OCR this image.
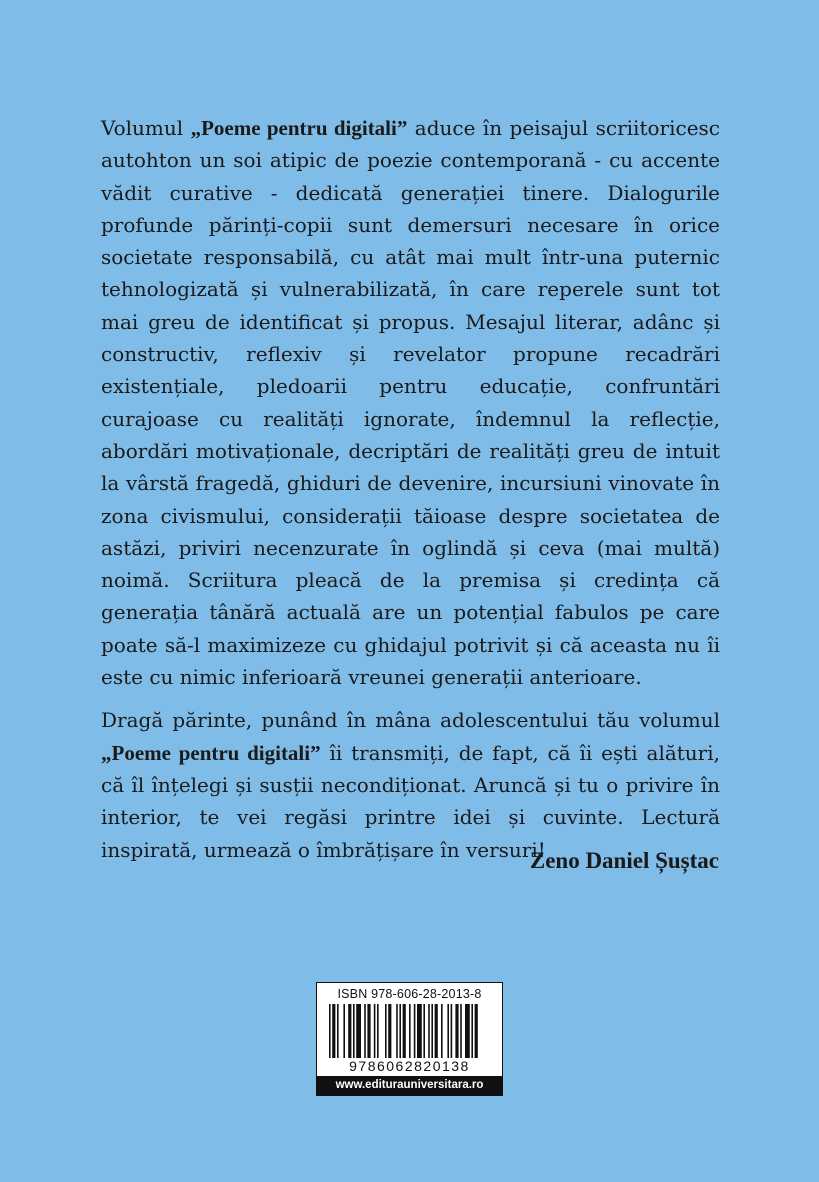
Volumul „Poeme pentru digitali” aduce în peisajul scriitoricesc autohton un soi atipic de poezie contemporană - cu accente vădit curative - dedicată generației tinere. Dialogurile profunde părinți-copii sunt demersuri necesare în orice societate responsabilă, cu atât mai mult într-una puternic tehnologizată și vulnerabilizată, în care reperele sunt tot mai greu de identificat și propus. Mesajul literar, adânc și constructiv, reflexiv și revelator propune recadrări existențiale, pledoarii pentru educație, confruntări curajoase cu realități ignorate, îndemnul la reflecție, abordări motivaționale, decriptări de realități greu de intuit la vârstă fragedă, ghiduri de devenire, incursiuni vinovate în zona civismului, considerații tăioase despre societatea de astăzi, priviri necenzurate în oglindă și ceva (mai multă) noimă. Scriitura pleacă de la premisa și credința că generația tânără actuală are un potențial fabulos pe care poate să-l maximizeze cu ghidajul potrivit și că aceasta nu îi este cu nimic inferioară vreunei generații anterioare.

Dragă părinte, punând în mâna adolescentului tău volumul „Poeme pentru digitali” îi transmiți, de fapt, că îi ești alături, că îl înțelegi și susții necondiționat. Aruncă și tu o privire în interior, te vei regăsi printre idei și cuvinte. Lectură inspirată, urmează o îmbrățișare în versuri!

Zeno Daniel Șuștac

ISBN 978-606-28-2013-8
9786062820138
www.editurauniversitara.ro
